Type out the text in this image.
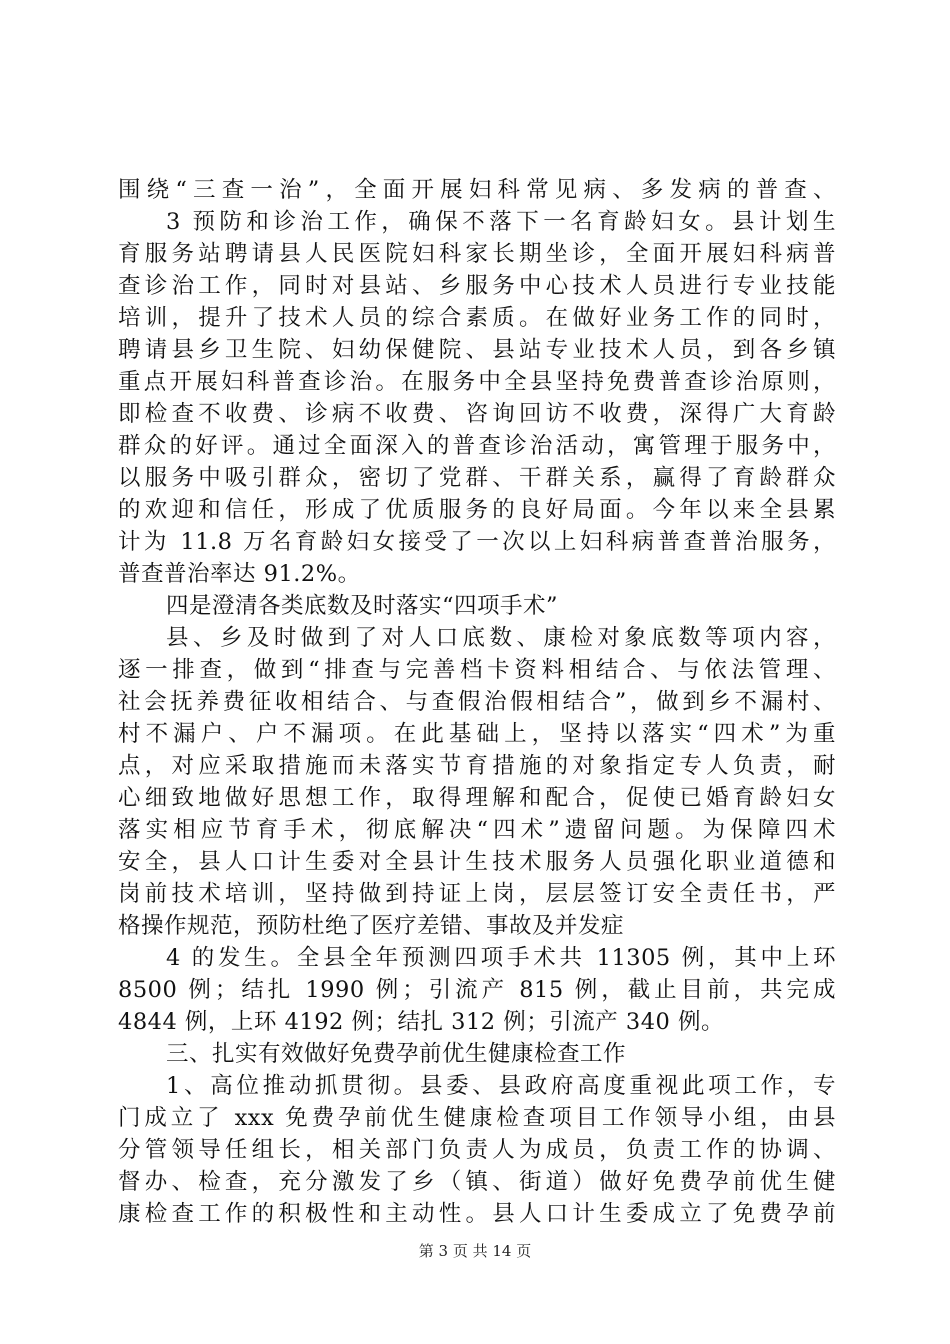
围绕“三查一治”，全面开展妇科常见病、多发病的普查、
3 预防和诊治工作，确保不落下一名育龄妇女。县计划生
育服务站聘请县人民医院妇科家长期坐诊，全面开展妇科病普
查诊治工作，同时对县站、乡服务中心技术人员进行专业技能
培训，提升了技术人员的综合素质。在做好业务工作的同时，
聘请县乡卫生院、妇幼保健院、县站专业技术人员，到各乡镇
重点开展妇科普查诊治。在服务中全县坚持免费普查诊治原则，
即检查不收费、诊病不收费、咨询回访不收费，深得广大育龄
群众的好评。通过全面深入的普查诊治活动，寓管理于服务中，
以服务中吸引群众，密切了党群、干群关系，赢得了育龄群众
的欢迎和信任，形成了优质服务的良好局面。今年以来全县累
计为 11.8 万名育龄妇女接受了一次以上妇科病普查普治服务，
普查普治率达 91.2%。
四是澄清各类底数及时落实“四项手术”
县、乡及时做到了对人口底数、康检对象底数等项内容，
逐一排查，做到“排查与完善档卡资料相结合、与依法管理、
社会抚养费征收相结合、与查假治假相结合”，做到乡不漏村、
村不漏户、户不漏项。在此基础上，坚持以落实“四术”为重
点，对应采取措施而未落实节育措施的对象指定专人负责，耐
心细致地做好思想工作，取得理解和配合，促使已婚育龄妇女
落实相应节育手术，彻底解决“四术”遗留问题。为保障四术
安全，县人口计生委对全县计生技术服务人员强化职业道德和
岗前技术培训，坚持做到持证上岗，层层签订安全责任书，严
格操作规范，预防杜绝了医疗差错、事故及并发症
4 的发生。全县全年预测四项手术共 11305 例，其中上环
8500 例；结扎 1990 例；引流产 815 例，截止目前，共完成
4844 例，上环 4192 例；结扎 312 例；引流产 340 例。
三、扎实有效做好免费孕前优生健康检查工作
1、高位推动抓贯彻。县委、县政府高度重视此项工作，专
门成立了 xxx 免费孕前优生健康检查项目工作领导小组，由县
分管领导任组长，相关部门负责人为成员，负责工作的协调、
督办、检查，充分激发了乡（镇、街道）做好免费孕前优生健
康检查工作的积极性和主动性。县人口计生委成立了免费孕前
第 3 页 共 14 页
